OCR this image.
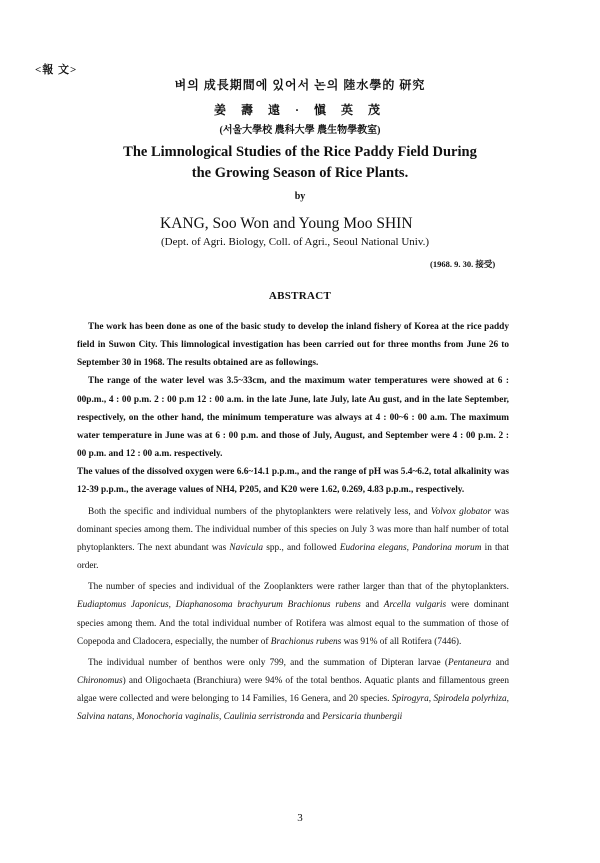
<報 文>
벼의 成長期間에 있어서 논의 陸水學的 研究
姜 壽 遠 · 愼 英 茂
(서울大學校 農科大學 農生物學教室)
The Limnological Studies of the Rice Paddy Field During
the Growing Season of Rice Plants.
by
KANG, Soo Won and Young Moo SHIN
(Dept. of Agri. Biology, Coll. of Agri., Seoul National Univ.)
(1968. 9. 30. 接受)
ABSTRACT

The work has been done as one of the basic study to develop the inland fishery of Korea at the rice paddy field in Suwon City. This limnological investigation has been carried out for three months from June 26 to September 30 in 1968. The results obtained are as followings.

The range of the water level was 3.5~33cm, and the maximum water temperatures were showed at 6 : 00p.m., 4 : 00 p.m. 2 : 00 p.m 12 : 00 a.m. in the late June, late July, late Au gust, and in the late September, respectively, on the other hand, the minimum temperature was always at 4 : 00~6 : 00 a.m. The maximum water temperature in June was at 6 : 00 p.m. and those of July, August, and September were 4 : 00 p.m. 2 : 00 p.m. and 12 : 00 a.m. respectively.

The values of the dissolved oxygen were 6.6~14.1 p.p.m., and the range of pH was 5.4~6.2, total alkalinity was 12-39 p.p.m., the average values of NH4, P205, and K20 were 1.62, 0.269, 4.83 p.p.m., respectively.

Both the specific and individual numbers of the phytoplankters were relatively less, and Volvox globator was dominant species among them. The individual number of this species on July 3 was more than half number of total phytoplankters. The next abundant was Navicula spp., and followed Eudorina elegans, Pandorina morum in that order.

The number of species and individual of the Zooplankters were rather larger than that of the phytoplankters. Eudiaptomus Japonicus, Diaphanosoma brachyurum Brachionus rubens and Arcella vulgaris were dominant species among them. And the total individual number of Rotifera was almost equal to the summation of those of Copepoda and Cladocera, especially, the number of Brachionus rubens was 91% of all Rotifera (7446).

The individual number of benthos were only 799, and the summation of Dipteran larvae (Pentaneura and Chironomus) and Oligochaeta (Branchiura) were 94% of the total benthos. Aquatic plants and fillamentous green algae were collected and were belonging to 14 Families, 16 Genera, and 20 species. Spirogyra, Spirodela polyrhiza, Salvina natans, Monochoria vaginalis, Caulinia serristronda and Persicaria thunbergii

3
